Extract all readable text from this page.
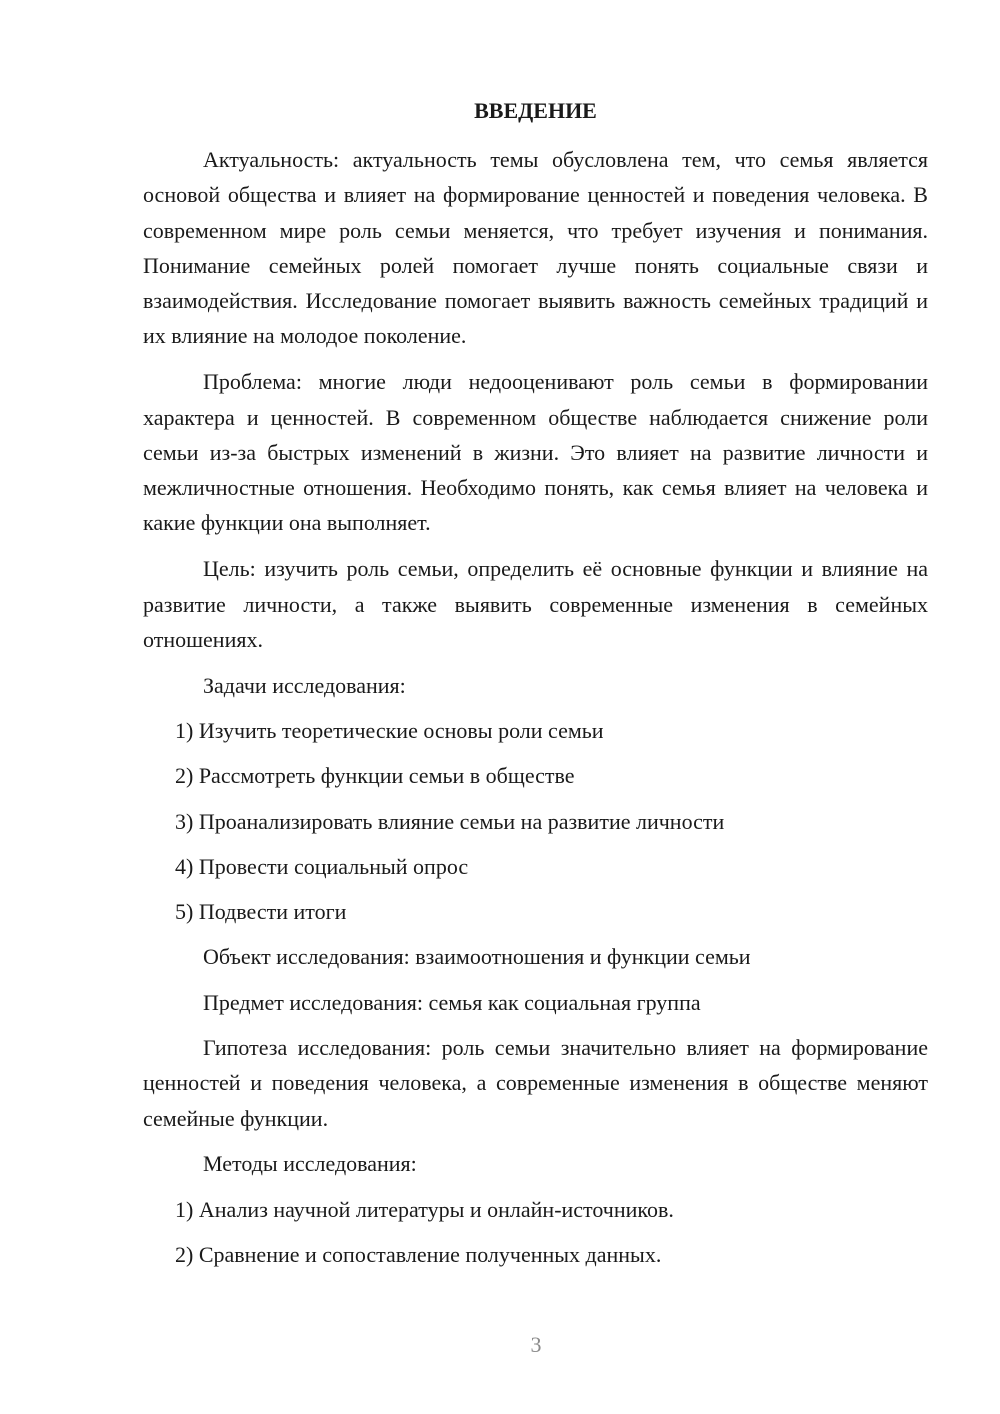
ВВЕДЕНИЕ

Актуальность: актуальность темы обусловлена тем, что семья является основой общества и влияет на формирование ценностей и поведения человека. В современном мире роль семьи меняется, что требует изучения и понимания. Понимание семейных ролей помогает лучше понять социальные связи и взаимодействия. Исследование помогает выявить важность семейных традиций и их влияние на молодое поколение.

Проблема: многие люди недооценивают роль семьи в формировании характера и ценностей. В современном обществе наблюдается снижение роли семьи из-за быстрых изменений в жизни. Это влияет на развитие личности и межличностные отношения. Необходимо понять, как семья влияет на человека и какие функции она выполняет.

Цель: изучить роль семьи, определить её основные функции и влияние на развитие личности, а также выявить современные изменения в семейных отношениях.

Задачи исследования:
1) Изучить теоретические основы роли семьи
2) Рассмотреть функции семьи в обществе
3) Проанализировать влияние семьи на развитие личности
4) Провести социальный опрос
5) Подвести итоги
Объект исследования: взаимоотношения и функции семьи
Предмет исследования: семья как социальная группа

Гипотеза исследования: роль семьи значительно влияет на формирование ценностей и поведения человека, а современные изменения в обществе меняют семейные функции.

Методы исследования:
1) Анализ научной литературы и онлайн-источников.
2) Сравнение и сопоставление полученных данных.
3
